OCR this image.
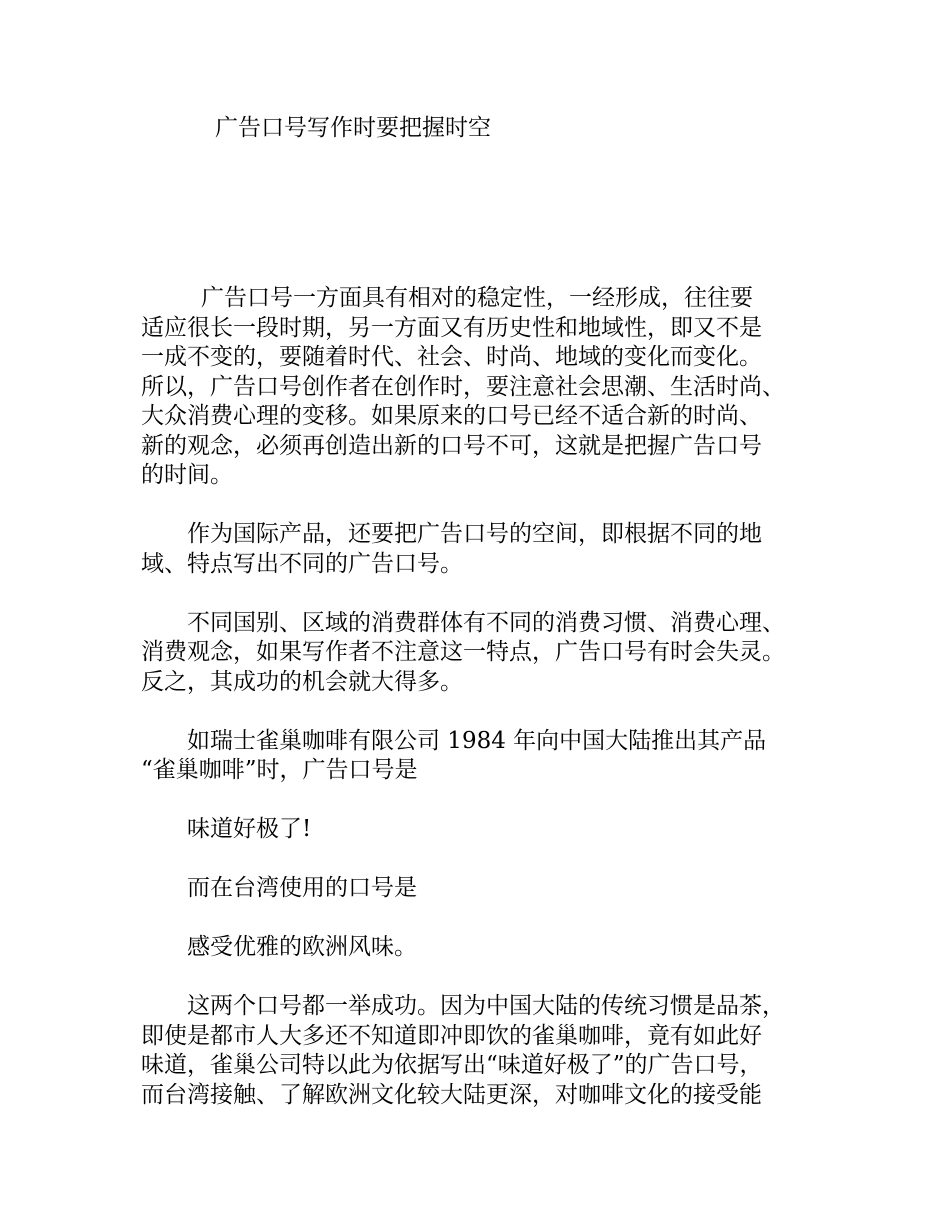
广告口号写作时要把握时空

广告口号一方面具有相对的稳定性，一经形成，往往要
适应很长一段时期，另一方面又有历史性和地域性，即又不是
一成不变的，要随着时代、社会、时尚、地域的变化而变化。
所以，广告口号创作者在创作时，要注意社会思潮、生活时尚、
大众消费心理的变移。如果原来的口号已经不适合新的时尚、
新的观念，必须再创造出新的口号不可，这就是把握广告口号
的时间。

作为国际产品，还要把广告口号的空间，即根据不同的地
域、特点写出不同的广告口号。

不同国别、区域的消费群体有不同的消费习惯、消费心理、
消费观念，如果写作者不注意这一特点，广告口号有时会失灵。
反之，其成功的机会就大得多。

如瑞士雀巢咖啡有限公司 1984 年向中国大陆推出其产品
“雀巢咖啡”时，广告口号是

味道好极了!

而在台湾使用的口号是

感受优雅的欧洲风味。

这两个口号都一举成功。因为中国大陆的传统习惯是品茶，
即使是都市人大多还不知道即冲即饮的雀巢咖啡，竟有如此好
味道，雀巢公司特以此为依据写出“味道好极了”的广告口号，
而台湾接触、了解欧洲文化较大陆更深，对咖啡文化的接受能
